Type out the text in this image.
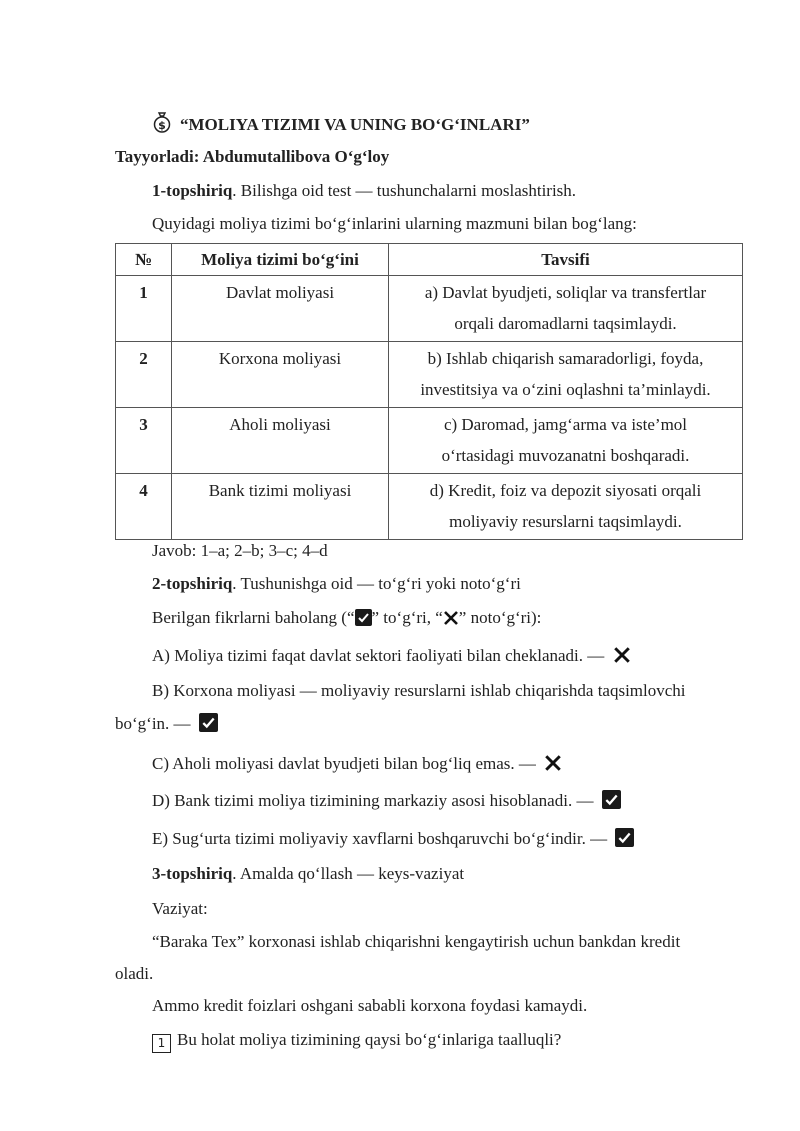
$ “MOLIYA TIZIMI VA UNING BO‘G‘INLARI”
Tayyorladi: Abdumutallibova O‘g‘loy
1-topshiriq. Bilishga oid test — tushunchalarni moslashtirish.
Quyidagi moliya tizimi bo‘g‘inlarini ularning mazmuni bilan bog‘lang:
№	Moliya tizimi bo‘g‘ini	Tavsifi
1	Davlat moliyasi	a) Davlat byudjeti, soliqlar va transfertlar
orqali daromadlarni taqsimlaydi.

2	Korxona moliyasi	b) Ishlab chiqarish samaradorligi, foyda,
investitsiya va o‘zini oqlashni ta’minlaydi.

3	Aholi moliyasi	c) Daromad, jamg‘arma va iste’mol
o‘rtasidagi muvozanatni boshqaradi.

4	Bank tizimi moliyasi	d) Kredit, foiz va depozit siyosati orqali
moliyaviy resurslarni taqsimlaydi.
Javob: 1–a; 2–b; 3–c; 4–d
2-topshiriq. Tushunishga oid — to‘g‘ri yoki noto‘g‘ri
Berilgan fikrlarni baholang (“ ” to‘g‘ri, “ ” noto‘g‘ri):
A) Moliya tizimi faqat davlat sektori faoliyati bilan cheklanadi. —
B) Korxona moliyasi — moliyaviy resurslarni ishlab chiqarishda taqsimlovchi
bo‘g‘in. —
C) Aholi moliyasi davlat byudjeti bilan bog‘liq emas. —
D) Bank tizimi moliya tizimining markaziy asosi hisoblanadi. —
E) Sug‘urta tizimi moliyaviy xavflarni boshqaruvchi bo‘g‘indir. —
3-topshiriq. Amalda qo‘llash — keys-vaziyat
Vaziyat:
“Baraka Tex” korxonasi ishlab chiqarishni kengaytirish uchun bankdan kredit
oladi.
Ammo kredit foizlari oshgani sababli korxona foydasi kamaydi.
1 Bu holat moliya tizimining qaysi bo‘g‘inlariga taalluqli?
